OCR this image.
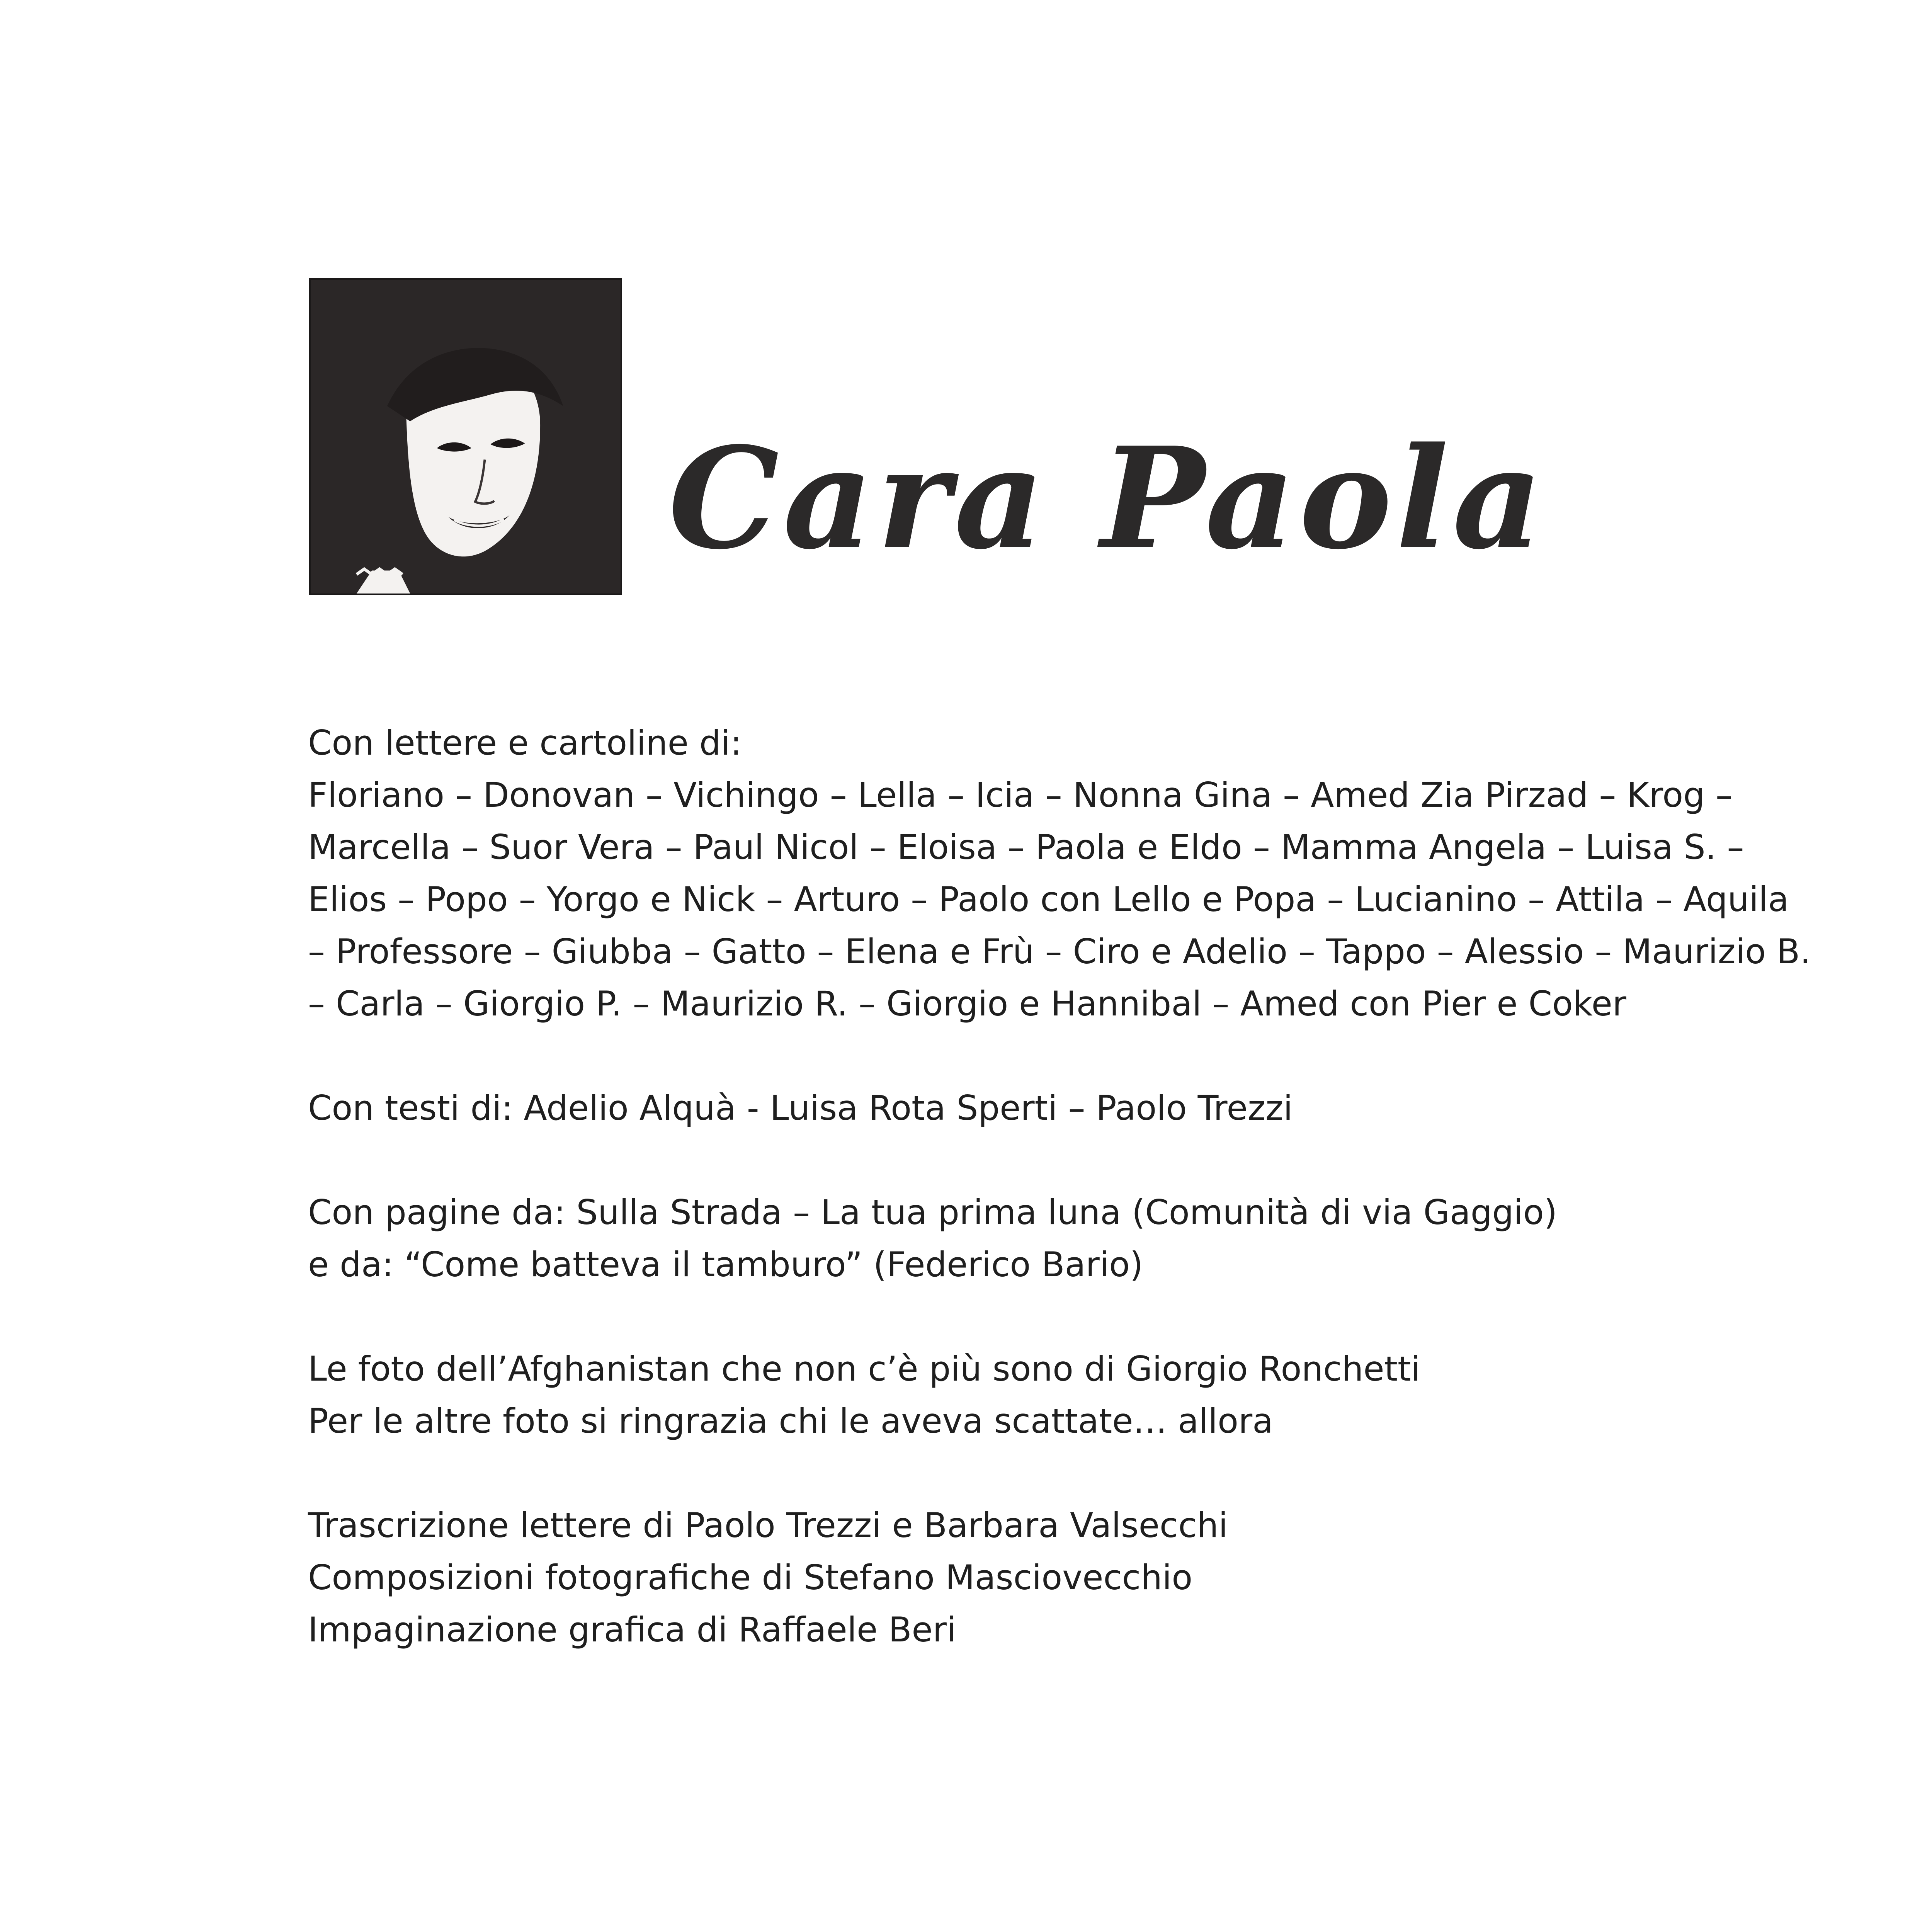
Cara Paola

Con lettere e cartoline di:

Floriano – Donovan – Vichingo – Lella – Icia – Nonna Gina – Amed Zia Pirzad – Krog – Marcella – Suor Vera – Paul Nicol – Eloisa – Paola e Eldo – Mamma Angela – Luisa S. – Elios – Popo – Yorgo e Nick – Arturo – Paolo con Lello e Popa – Lucianino – Attila – Aquila – Professore – Giubba – Gatto – Elena e Frù – Ciro e Adelio – Tappo – Alessio – Maurizio B. – Carla – Giorgio P. – Maurizio R. – Giorgio e Hannibal – Amed con Pier e Coker

Con testi di: Adelio Alquà - Luisa Rota Sperti – Paolo Trezzi

Con pagine da: Sulla Strada – La tua prima luna (Comunità di via Gaggio)

e da: “Come batteva il tamburo” (Federico Bario)

Le foto dell’Afghanistan che non c’è più sono di Giorgio Ronchetti

Per le altre foto si ringrazia chi le aveva scattate… allora

Trascrizione lettere di Paolo Trezzi e Barbara Valsecchi

Composizioni fotografiche di Stefano Masciovecchio

Impaginazione grafica di Raffaele Beri
